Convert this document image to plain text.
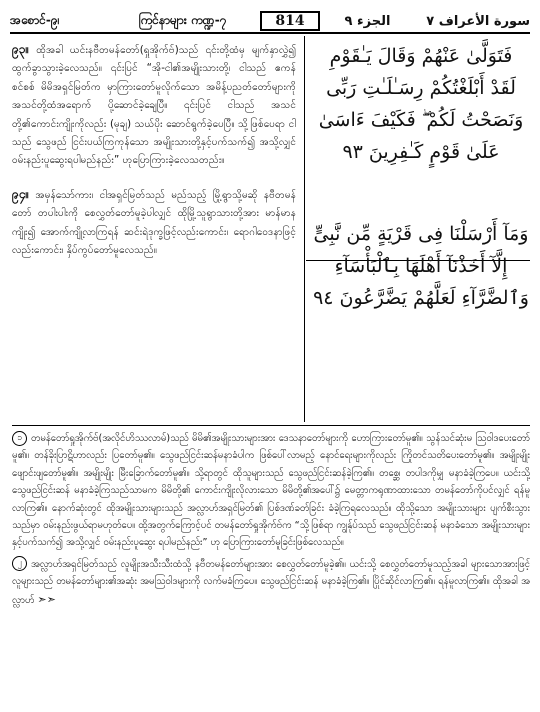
အစောင်-၉၊	ကြင်နာများ ကဏ္ဍ-၇	814	الجزء ٩	سورة الأعراف ٧

၉၃။ ထိုအခါ ယင်းနဗီတမန်တော်(ရှုအိုက်ဗ်)သည် ၎င်းတို့ထံမှ မျက်နှာလွှဲ၍ ထွက်ခွာသွားခဲ့လေသည်။ ၎င်းပြင် “အို-ငါ၏အမျိုးသားတို့၊ ငါသည် ဧကန်စင်စစ် မိမိအရှင်မြတ်က မှာကြားတော်မူလိုက်သော အမိန့်ပညတ်တော်များကို အသင်တို့ထံအရောက် ပို့ဆောင်ခဲ့ချေပြီ။ ၎င်းပြင် ငါသည် အသင်တို့၏ကောင်းကျိုးကိုလည်း (မုချ) သယ်ပိုး ဆောင်ရွက်ခဲ့ပေပြီ။ သို့ဖြစ်ပေရာ ငါသည် သွေဖည် ငြင်းပယ်ကြကုန်သော အမျိုးသားတို့နှင့်ပက်သက်၍ အသို့လျှင် ဝမ်းနည်းပူဆွေးရပါမည်နည်း” ဟုပြောကြားခဲ့လေသတည်း။

၉၄။ အမှန်သော်ကား၊ ငါအရှင်မြတ်သည် မည်သည့် မြို့ရွာသို့မဆို နဗီတမန်တော် တပါးပါးကို စေလွှတ်တော်မူခဲ့ပါလျှင် ထိုမြို့သူရွာသားတို့အား မာန်မာနကျိုး၍ အောက်ကျို့လာကြရန် ဆင်းရဲဒုက္ခဖြင့်လည်းကောင်း၊ ရောဂါဝေဒနာဖြင့်လည်းကောင်း၊ နှိပ်ကွပ်တော်မူလေသည်။

فَتَوَلَّىٰ عَنْهُمْ وَقَالَ يَـٰقَوْمِ

لَقَدْ أَبْلَغْتُكُمْ رِسَـٰلَـٰتِ رَبِّى

وَنَصَحْتُ لَكُمْ ۖ فَكَيْفَ ءَاسَىٰ

عَلَىٰ قَوْمٍ كَـٰفِرِينَ ٩٣

وَمَآ أَرْسَلْنَا فِى قَرْيَةٍ مِّن نَّبِىٍّ

إِلَّآ أَخَذْنَآ أَهْلَهَا بِٱلْبَأْسَآءِ

وَٱلضَّرَّآءِ لَعَلَّهُمْ يَضَّرَّعُونَ ٩٤

၁ တမန်တော်ရှုအိုက်ဗ်(အလိုင်ဟိဿလာမ်)သည် မိမိ၏အမျိုးသားများအား ဒေသနာတော်များကို ဟောကြားတော်မူ၏။ သွန်သင်ဆုံးမ သြဝါဒပေးတော်မူ၏။ တန်ခိုးပြာဋိဟာလည်း ပြတော်မူ၏။ သွေဖည်ငြင်းဆန်မနာခံပါက ဖြစ်ပေါ်လာမည့် နောင်ရေးများကိုလည်း ကြိုတင်သတိပေးတော်မူ၏။ အမျိုးမျိုး ဖျောင်းဖျတော်မူ၏။ အမျိုးမျိုး မြီးခြောက်တော်မူ၏။ သို့ရာတွင် ထိုသူများသည် သွေဖည်ငြင်းဆန်ခဲ့ကြ၏။ တစ္ဆေ၊ တပါဒကိုမျှ မနာခံခဲ့ကြပေ။ ယင်းသို့ သွေဖည်ငြင်းဆန် မနာခံခဲ့ကြသည်သာမက မိမိတို့၏ ကောင်းကျိုးလိုလားသော မိမိတို့၏အပေါ်၌ မေတ္တာကရုဏာထားသော တမန်တော်ကိုပင်လျှင် ရန်မူလာကြ၏။ နောက်ဆုံးတွင် ထိုအမျိုးသားများသည် အလ္လာဟ်အရှင်မြတ်၏ ပြစ်ဒဏ်ခတ်ခြင်း ခံခဲ့ကြရလေသည်။ ထိုသို့သော အမျိုးသားများ ပျက်စီးသွားသည်မှာ ဝမ်းနည်းဖွယ်ရာမဟုတ်ပေ။ ထို့အတွက်ကြောင့်ပင် တမန်တော်ရှုအိုက်ဗ်က “သို့ဖြစ်ရာ ကျွန်ုပ်သည် သွေဖည်ငြင်းဆန် မနာခံသော အမျိုးသားများနှင့်ပက်သက်၍ အသို့လျှင် ဝမ်းနည်းပူဆွေး ရပါမည်နည်း” ဟု ပြောကြားတော်မူခြင်းဖြစ်လေသည်။

၂ အလ္လာဟ်အရှင်မြတ်သည် လူမျိုးအသီးသီးထံသို့ နဗီတမန်တော်များအား စေလွှတ်တော်မူခဲ့၏။ ယင်းသို့ စေလွှတ်တော်မူသည့်အခါ များသောအားဖြင့် လူများသည် တမန်တော်များ၏အဆုံး အမသြဝါဒများကို လက်မခံကြပေ။ သွေဖည်ငြင်းဆန် မနာခံခဲ့ကြ၏။ ပြိုင်ဆိုင်လာကြ၏။ ရန်မူလာကြ၏။ ထိုအခါ အလ္လာဟ် ➣➣
